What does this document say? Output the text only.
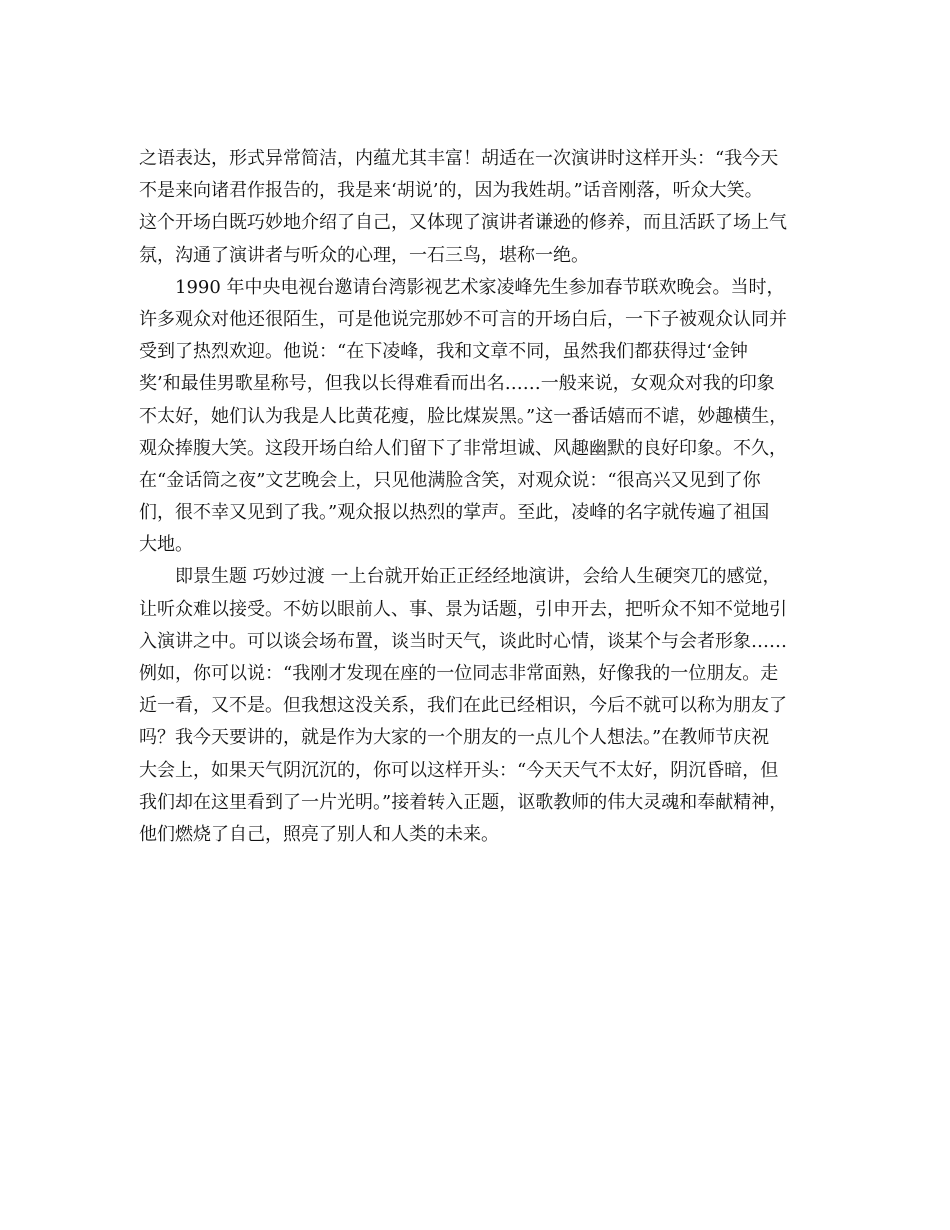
之语表达，形式异常简洁，内蕴尤其丰富！胡适在一次演讲时这样开头：“我今天
不是来向诸君作报告的，我是来‘胡说’的，因为我姓胡。”话音刚落，听众大笑。
这个开场白既巧妙地介绍了自己，又体现了演讲者谦逊的修养，而且活跃了场上气
氛，沟通了演讲者与听众的心理，一石三鸟，堪称一绝。
1990 年中央电视台邀请台湾影视艺术家凌峰先生参加春节联欢晚会。当时，
许多观众对他还很陌生，可是他说完那妙不可言的开场白后，一下子被观众认同并
受到了热烈欢迎。他说：“在下凌峰，我和文章不同，虽然我们都获得过‘金钟
奖’和最佳男歌星称号，但我以长得难看而出名……一般来说，女观众对我的印象
不太好，她们认为我是人比黄花瘦，脸比煤炭黑。”这一番话嬉而不谑，妙趣横生，
观众捧腹大笑。这段开场白给人们留下了非常坦诚、风趣幽默的良好印象。不久，
在“金话筒之夜”文艺晚会上，只见他满脸含笑，对观众说：“很高兴又见到了你
们，很不幸又见到了我。”观众报以热烈的掌声。至此，凌峰的名字就传遍了祖国
大地。
即景生题 巧妙过渡 一上台就开始正正经经地演讲，会给人生硬突兀的感觉，
让听众难以接受。不妨以眼前人、事、景为话题，引申开去，把听众不知不觉地引
入演讲之中。可以谈会场布置，谈当时天气，谈此时心情，谈某个与会者形象……
例如，你可以说：“我刚才发现在座的一位同志非常面熟，好像我的一位朋友。走
近一看，又不是。但我想这没关系，我们在此已经相识，今后不就可以称为朋友了
吗？我今天要讲的，就是作为大家的一个朋友的一点儿个人想法。”在教师节庆祝
大会上，如果天气阴沉沉的，你可以这样开头：“今天天气不太好，阴沉昏暗，但
我们却在这里看到了一片光明。”接着转入正题，讴歌教师的伟大灵魂和奉献精神，
他们燃烧了自己，照亮了别人和人类的未来。
